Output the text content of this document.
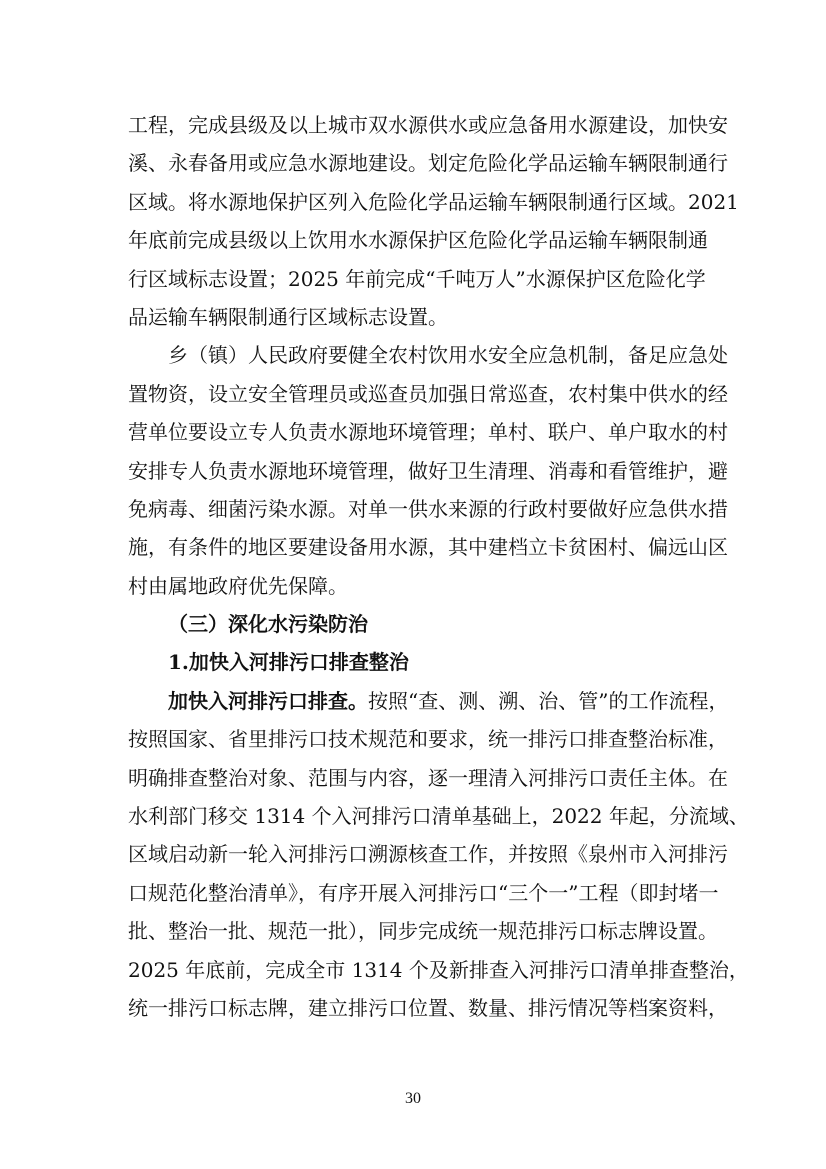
工程，完成县级及以上城市双水源供水或应急备用水源建设，加快安
溪、永春备用或应急水源地建设。划定危险化学品运输车辆限制通行
区域。将水源地保护区列入危险化学品运输车辆限制通行区域。2021
年底前完成县级以上饮用水水源保护区危险化学品运输车辆限制通
行区域标志设置；2025 年前完成“千吨万人”水源保护区危险化学
品运输车辆限制通行区域标志设置。
乡（镇）人民政府要健全农村饮用水安全应急机制，备足应急处
置物资，设立安全管理员或巡查员加强日常巡查，农村集中供水的经
营单位要设立专人负责水源地环境管理；单村、联户、单户取水的村
安排专人负责水源地环境管理，做好卫生清理、消毒和看管维护，避
免病毒、细菌污染水源。对单一供水来源的行政村要做好应急供水措
施，有条件的地区要建设备用水源，其中建档立卡贫困村、偏远山区
村由属地政府优先保障。
（三）深化水污染防治
1.加快入河排污口排查整治
加快入河排污口排查。按照“查、测、溯、治、管”的工作流程，
按照国家、省里排污口技术规范和要求，统一排污口排查整治标准，
明确排查整治对象、范围与内容，逐一理清入河排污口责任主体。在
水利部门移交 1314 个入河排污口清单基础上，2022 年起，分流域、
区域启动新一轮入河排污口溯源核查工作，并按照《泉州市入河排污
口规范化整治清单》，有序开展入河排污口“三个一”工程（即封堵一
批、整治一批、规范一批），同步完成统一规范排污口标志牌设置。
2025 年底前，完成全市 1314 个及新排查入河排污口清单排查整治，
统一排污口标志牌，建立排污口位置、数量、排污情况等档案资料，
30
